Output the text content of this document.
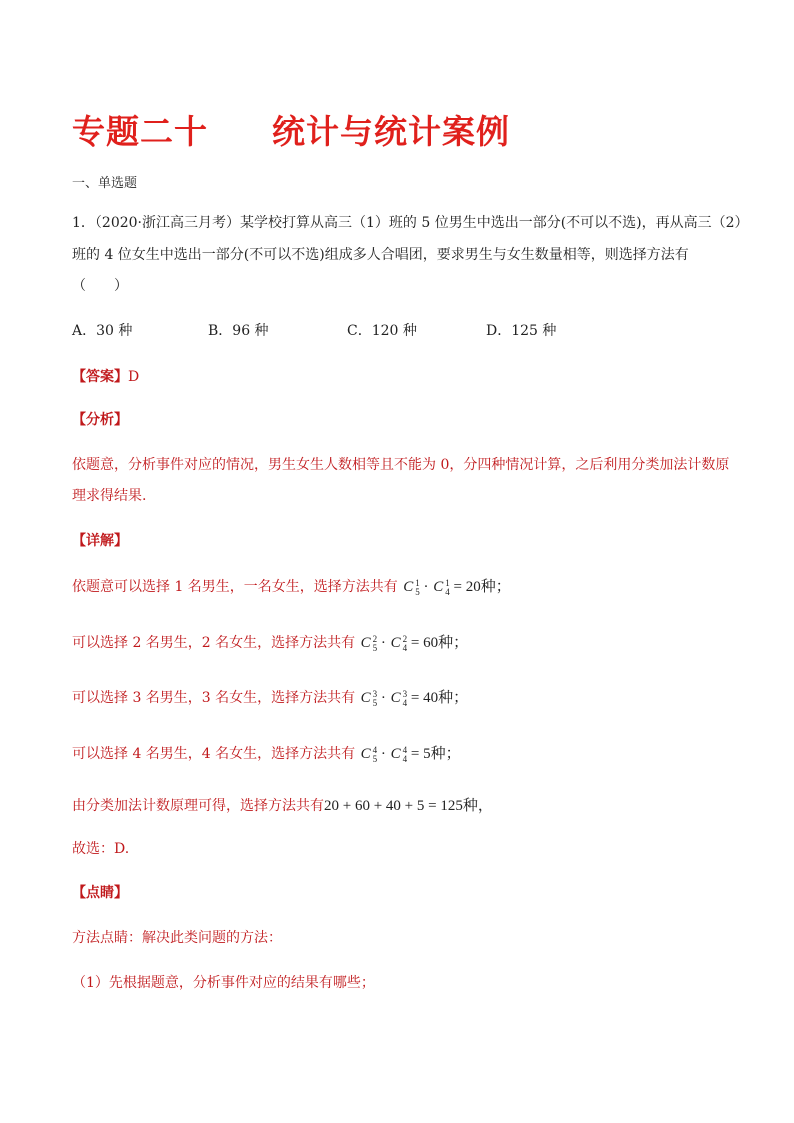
专题二十 统计与统计案例
一、单选题
1．（2020·浙江高三月考）某学校打算从高三（1）班的 5 位男生中选出一部分(不可以不选)，再从高三（2）
班的 4 位女生中选出一部分(不可以不选)组成多人合唱团，要求男生与女生数量相等，则选择方法有
（　　）
A．30 种	B．96 种	C．120 种	D．125 种
【答案】D
【分析】
依题意，分析事件对应的情况，男生女生人数相等且不能为 0，分四种情况计算，之后利用分类加法计数原
理求得结果.
【详解】
依题意可以选择 1 名男生，一名女生，选择方法共有 C 1
5 · C 1
4 = 20种；
可以选择 2 名男生，2 名女生，选择方法共有 C 2
5 · C 2
4 = 60种；
可以选择 3 名男生，3 名女生，选择方法共有 C 3
5 · C 3
4 = 40种；
可以选择 4 名男生，4 名女生，选择方法共有 C 4
5 · C 4
4 = 5种；
由分类加法计数原理可得，选择方法共有20 + 60 + 40 + 5 = 125种，
故选：D.
【点睛】
方法点睛：解决此类问题的方法：
（1）先根据题意，分析事件对应的结果有哪些；
